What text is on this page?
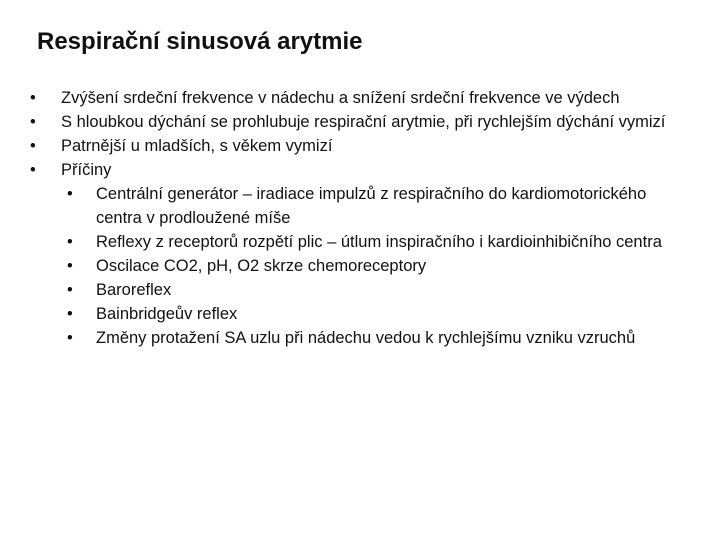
Respirační sinusová arytmie
•	Zvýšení srdeční frekvence v nádechu a snížení srdeční frekvence ve výdech
•	S hloubkou dýchání se prohlubuje respirační arytmie, při rychlejším dýchání vymizí
•	Patrnější u mladších, s věkem vymizí
•	Příčiny
•	Centrální generátor – iradiace impulzů z respiračního do kardiomotorického centra v prodloužené míše
•	Reflexy z receptorů rozpětí plic – útlum inspiračního i kardioinhibičního centra
•	Oscilace CO2, pH, O2 skrze chemoreceptory
•	Baroreflex
•	Bainbridgeův reflex
•	Změny protažení SA uzlu při nádechu vedou k rychlejšímu vzniku vzruchů
